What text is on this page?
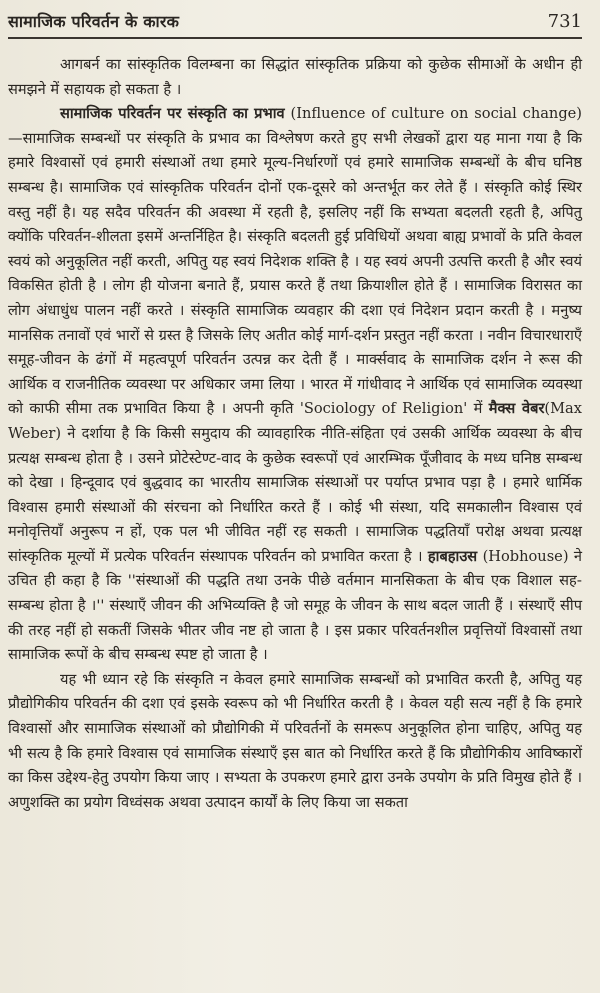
सामाजिक परिवर्तन के कारक	731

आगबर्न का सांस्कृतिक विलम्बना का सिद्धांत सांस्कृतिक प्रक्रिया को कुछेक सीमाओं के अधीन ही समझने में सहायक हो सकता है ।

सामाजिक परिवर्तन पर संस्कृति का प्रभाव (Influence of culture on social change)—सामाजिक सम्बन्धों पर संस्कृति के प्रभाव का विश्लेषण करते हुए सभी लेखकों द्वारा यह माना गया है कि हमारे विश्वासों एवं हमारी संस्थाओं तथा हमारे मूल्य-निर्धारणों एवं हमारे सामाजिक सम्बन्धों के बीच घनिष्ठ सम्बन्ध है। सामाजिक एवं सांस्कृतिक परिवर्तन दोनों एक-दूसरे को अन्तर्भूत कर लेते हैं । संस्कृति कोई स्थिर वस्तु नहीं है। यह सदैव परिवर्तन की अवस्था में रहती है, इसलिए नहीं कि सभ्यता बदलती रहती है, अपितु क्योंकि परिवर्तन-शीलता इसमें अन्तर्निहित है। संस्कृति बदलती हुई प्रविधियों अथवा बाह्य प्रभावों के प्रति केवल स्वयं को अनुकूलित नहीं करती, अपितु यह स्वयं निदेशक शक्ति है । यह स्वयं अपनी उत्पत्ति करती है और स्वयं विकसित होती है । लोग ही योजना बनाते हैं, प्रयास करते हैं तथा क्रियाशील होते हैं । सामाजिक विरासत का लोग अंधाधुंध पालन नहीं करते । संस्कृति सामाजिक व्यवहार की दशा एवं निदेशन प्रदान करती है । मनुष्य मानसिक तनावों एवं भारों से ग्रस्त है जिसके लिए अतीत कोई मार्ग-दर्शन प्रस्तुत नहीं करता । नवीन विचारधाराएँ समूह-जीवन के ढंगों में महत्वपूर्ण परिवर्तन उत्पन्न कर देती हैं । मार्क्सवाद के सामाजिक दर्शन ने रूस की आर्थिक व राजनीतिक व्यवस्था पर अधिकार जमा लिया । भारत में गांधीवाद ने आर्थिक एवं सामाजिक व्यवस्था को काफी सीमा तक प्रभावित किया है । अपनी कृति 'Sociology of Religion' में मैक्स वेबर(Max Weber) ने दर्शाया है कि किसी समुदाय की व्यावहारिक नीति-संहिता एवं उसकी आर्थिक व्यवस्था के बीच प्रत्यक्ष सम्बन्ध होता है । उसने प्रोटेस्टेण्ट-वाद के कुछेक स्वरूपों एवं आरम्भिक पूँजीवाद के मध्य घनिष्ठ सम्बन्ध को देखा । हिन्दूवाद एवं बुद्धवाद का भारतीय सामाजिक संस्थाओं पर पर्याप्त प्रभाव पड़ा है । हमारे धार्मिक विश्वास हमारी संस्थाओं की संरचना को निर्धारित करते हैं । कोई भी संस्था, यदि समकालीन विश्वास एवं मनोवृत्तियाँ अनुरूप न हों, एक पल भी जीवित नहीं रह सकती । सामाजिक पद्धतियाँ परोक्ष अथवा प्रत्यक्ष सांस्कृतिक मूल्यों में प्रत्येक परिवर्तन संस्थापक परिवर्तन को प्रभावित करता है । हाबहाउस (Hobhouse) ने उचित ही कहा है कि ''संस्थाओं की पद्धति तथा उनके पीछे वर्तमान मानसिकता के बीच एक विशाल सह-सम्बन्ध होता है ।'' संस्थाएँ जीवन की अभिव्यक्ति है जो समूह के जीवन के साथ बदल जाती हैं । संस्थाएँ सीप की तरह नहीं हो सकतीं जिसके भीतर जीव नष्ट हो जाता है । इस प्रकार परिवर्तनशील प्रवृत्तियों विश्वासों तथा सामाजिक रूपों के बीच सम्बन्ध स्पष्ट हो जाता है ।

यह भी ध्यान रहे कि संस्कृति न केवल हमारे सामाजिक सम्बन्धों को प्रभावित करती है, अपितु यह प्रौद्योगिकीय परिवर्तन की दशा एवं इसके स्वरूप को भी निर्धारित करती है । केवल यही सत्य नहीं है कि हमारे विश्वासों और सामाजिक संस्थाओं को प्रौद्योगिकी में परिवर्तनों के समरूप अनुकूलित होना चाहिए, अपितु यह भी सत्य है कि हमारे विश्वास एवं सामाजिक संस्थाएँ इस बात को निर्धारित करते हैं कि प्रौद्योगिकीय आविष्कारों का किस उद्देश्य-हेतु उपयोग किया जाए । सभ्यता के उपकरण हमारे द्वारा उनके उपयोग के प्रति विमुख होते हैं । अणुशक्ति का प्रयोग विध्वंसक अथवा उत्पादन कार्यों के लिए किया जा सकता
